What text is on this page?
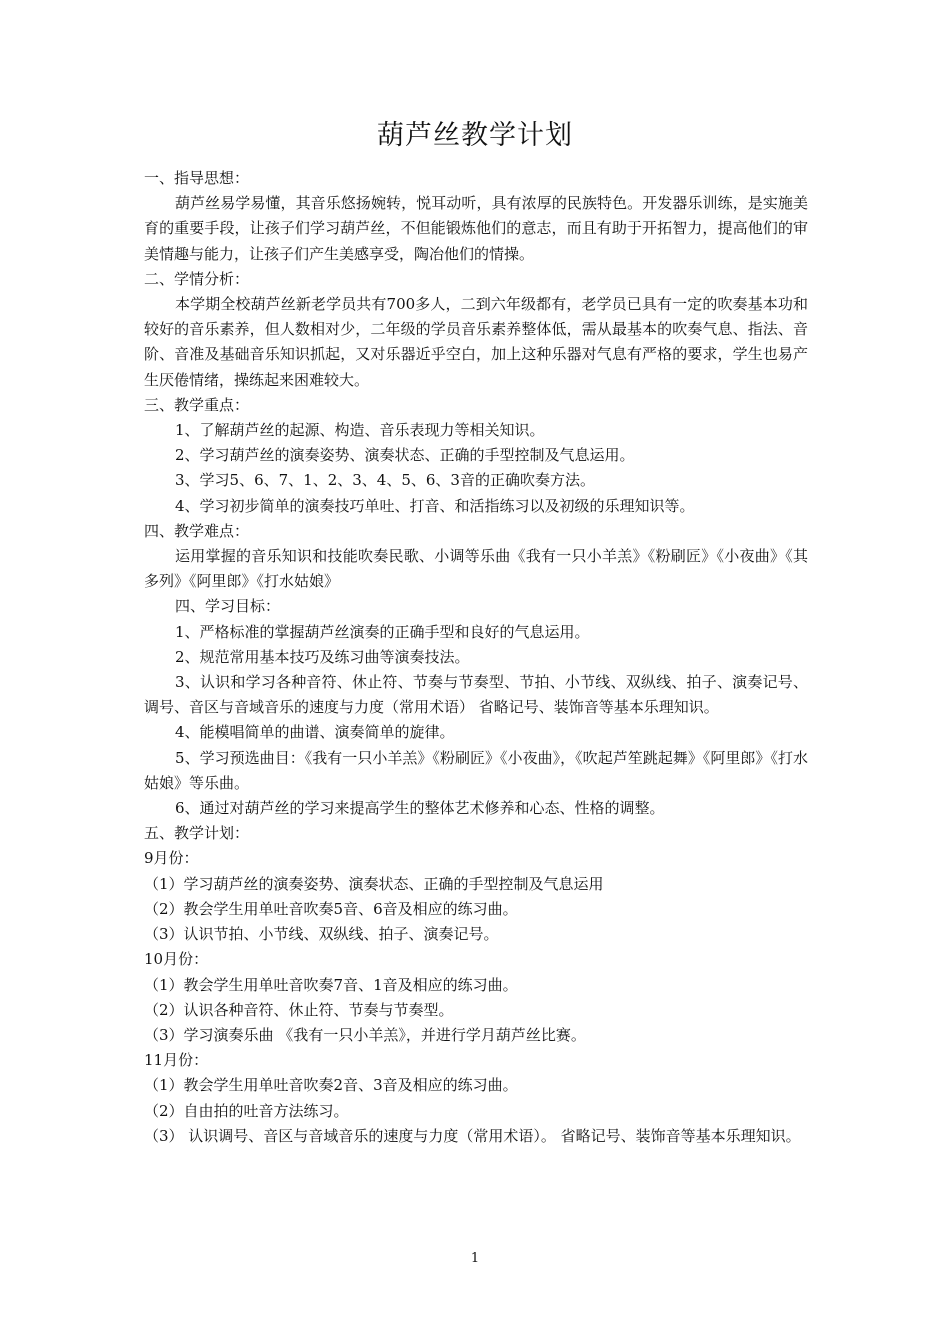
葫芦丝教学计划
一、指导思想：
葫芦丝易学易懂，其音乐悠扬婉转，悦耳动听，具有浓厚的民族特色。开发器乐训练，是实施美育的重要手段，让孩子们学习葫芦丝，不但能锻炼他们的意志，而且有助于开拓智力，提高他们的审美情趣与能力，让孩子们产生美感享受，陶冶他们的情操。
二、学情分析：
本学期全校葫芦丝新老学员共有700多人，二到六年级都有，老学员已具有一定的吹奏基本功和较好的音乐素养，但人数相对少，二年级的学员音乐素养整体低，需从最基本的吹奏气息、指法、音阶、音准及基础音乐知识抓起，又对乐器近乎空白，加上这种乐器对气息有严格的要求，学生也易产生厌倦情绪，操练起来困难较大。
三、教学重点：
1、了解葫芦丝的起源、构造、音乐表现力等相关知识。
2、学习葫芦丝的演奏姿势、演奏状态、正确的手型控制及气息运用。
3、学习5、6、7、1、2、3、4、5、6、3音的正确吹奏方法。
4、学习初步简单的演奏技巧单吐、打音、和活指练习以及初级的乐理知识等。
四、教学难点：
运用掌握的音乐知识和技能吹奏民歌、小调等乐曲《我有一只小羊羔》《粉刷匠》《小夜曲》《其多列》《阿里郎》《打水姑娘》
四、学习目标：
1、严格标准的掌握葫芦丝演奏的正确手型和良好的气息运用。
2、规范常用基本技巧及练习曲等演奏技法。
3、认识和学习各种音符、休止符、节奏与节奏型、节拍、小节线、双纵线、拍子、演奏记号、调号、音区与音域音乐的速度与力度（常用术语） 省略记号、装饰音等基本乐理知识。
4、能模唱简单的曲谱、演奏简单的旋律。
5、学习预选曲目：《我有一只小羊羔》《粉刷匠》《小夜曲》，《吹起芦笙跳起舞》《阿里郎》《打水姑娘》等乐曲。
6、通过对葫芦丝的学习来提高学生的整体艺术修养和心态、性格的调整。
五、教学计划：
9月份：
（1）学习葫芦丝的演奏姿势、演奏状态、正确的手型控制及气息运用
（2）教会学生用单吐音吹奏5音、6音及相应的练习曲。
（3）认识节拍、小节线、双纵线、拍子、演奏记号。
10月份：
（1）教会学生用单吐音吹奏7音、1音及相应的练习曲。
（2）认识各种音符、休止符、节奏与节奏型。
（3）学习演奏乐曲 《我有一只小羊羔》，并进行学月葫芦丝比赛。
11月份：
（1）教会学生用单吐音吹奏2音、3音及相应的练习曲。
（2）自由拍的吐音方法练习。
（3） 认识调号、音区与音域音乐的速度与力度（常用术语）。 省略记号、装饰音等基本乐理知识。
1
